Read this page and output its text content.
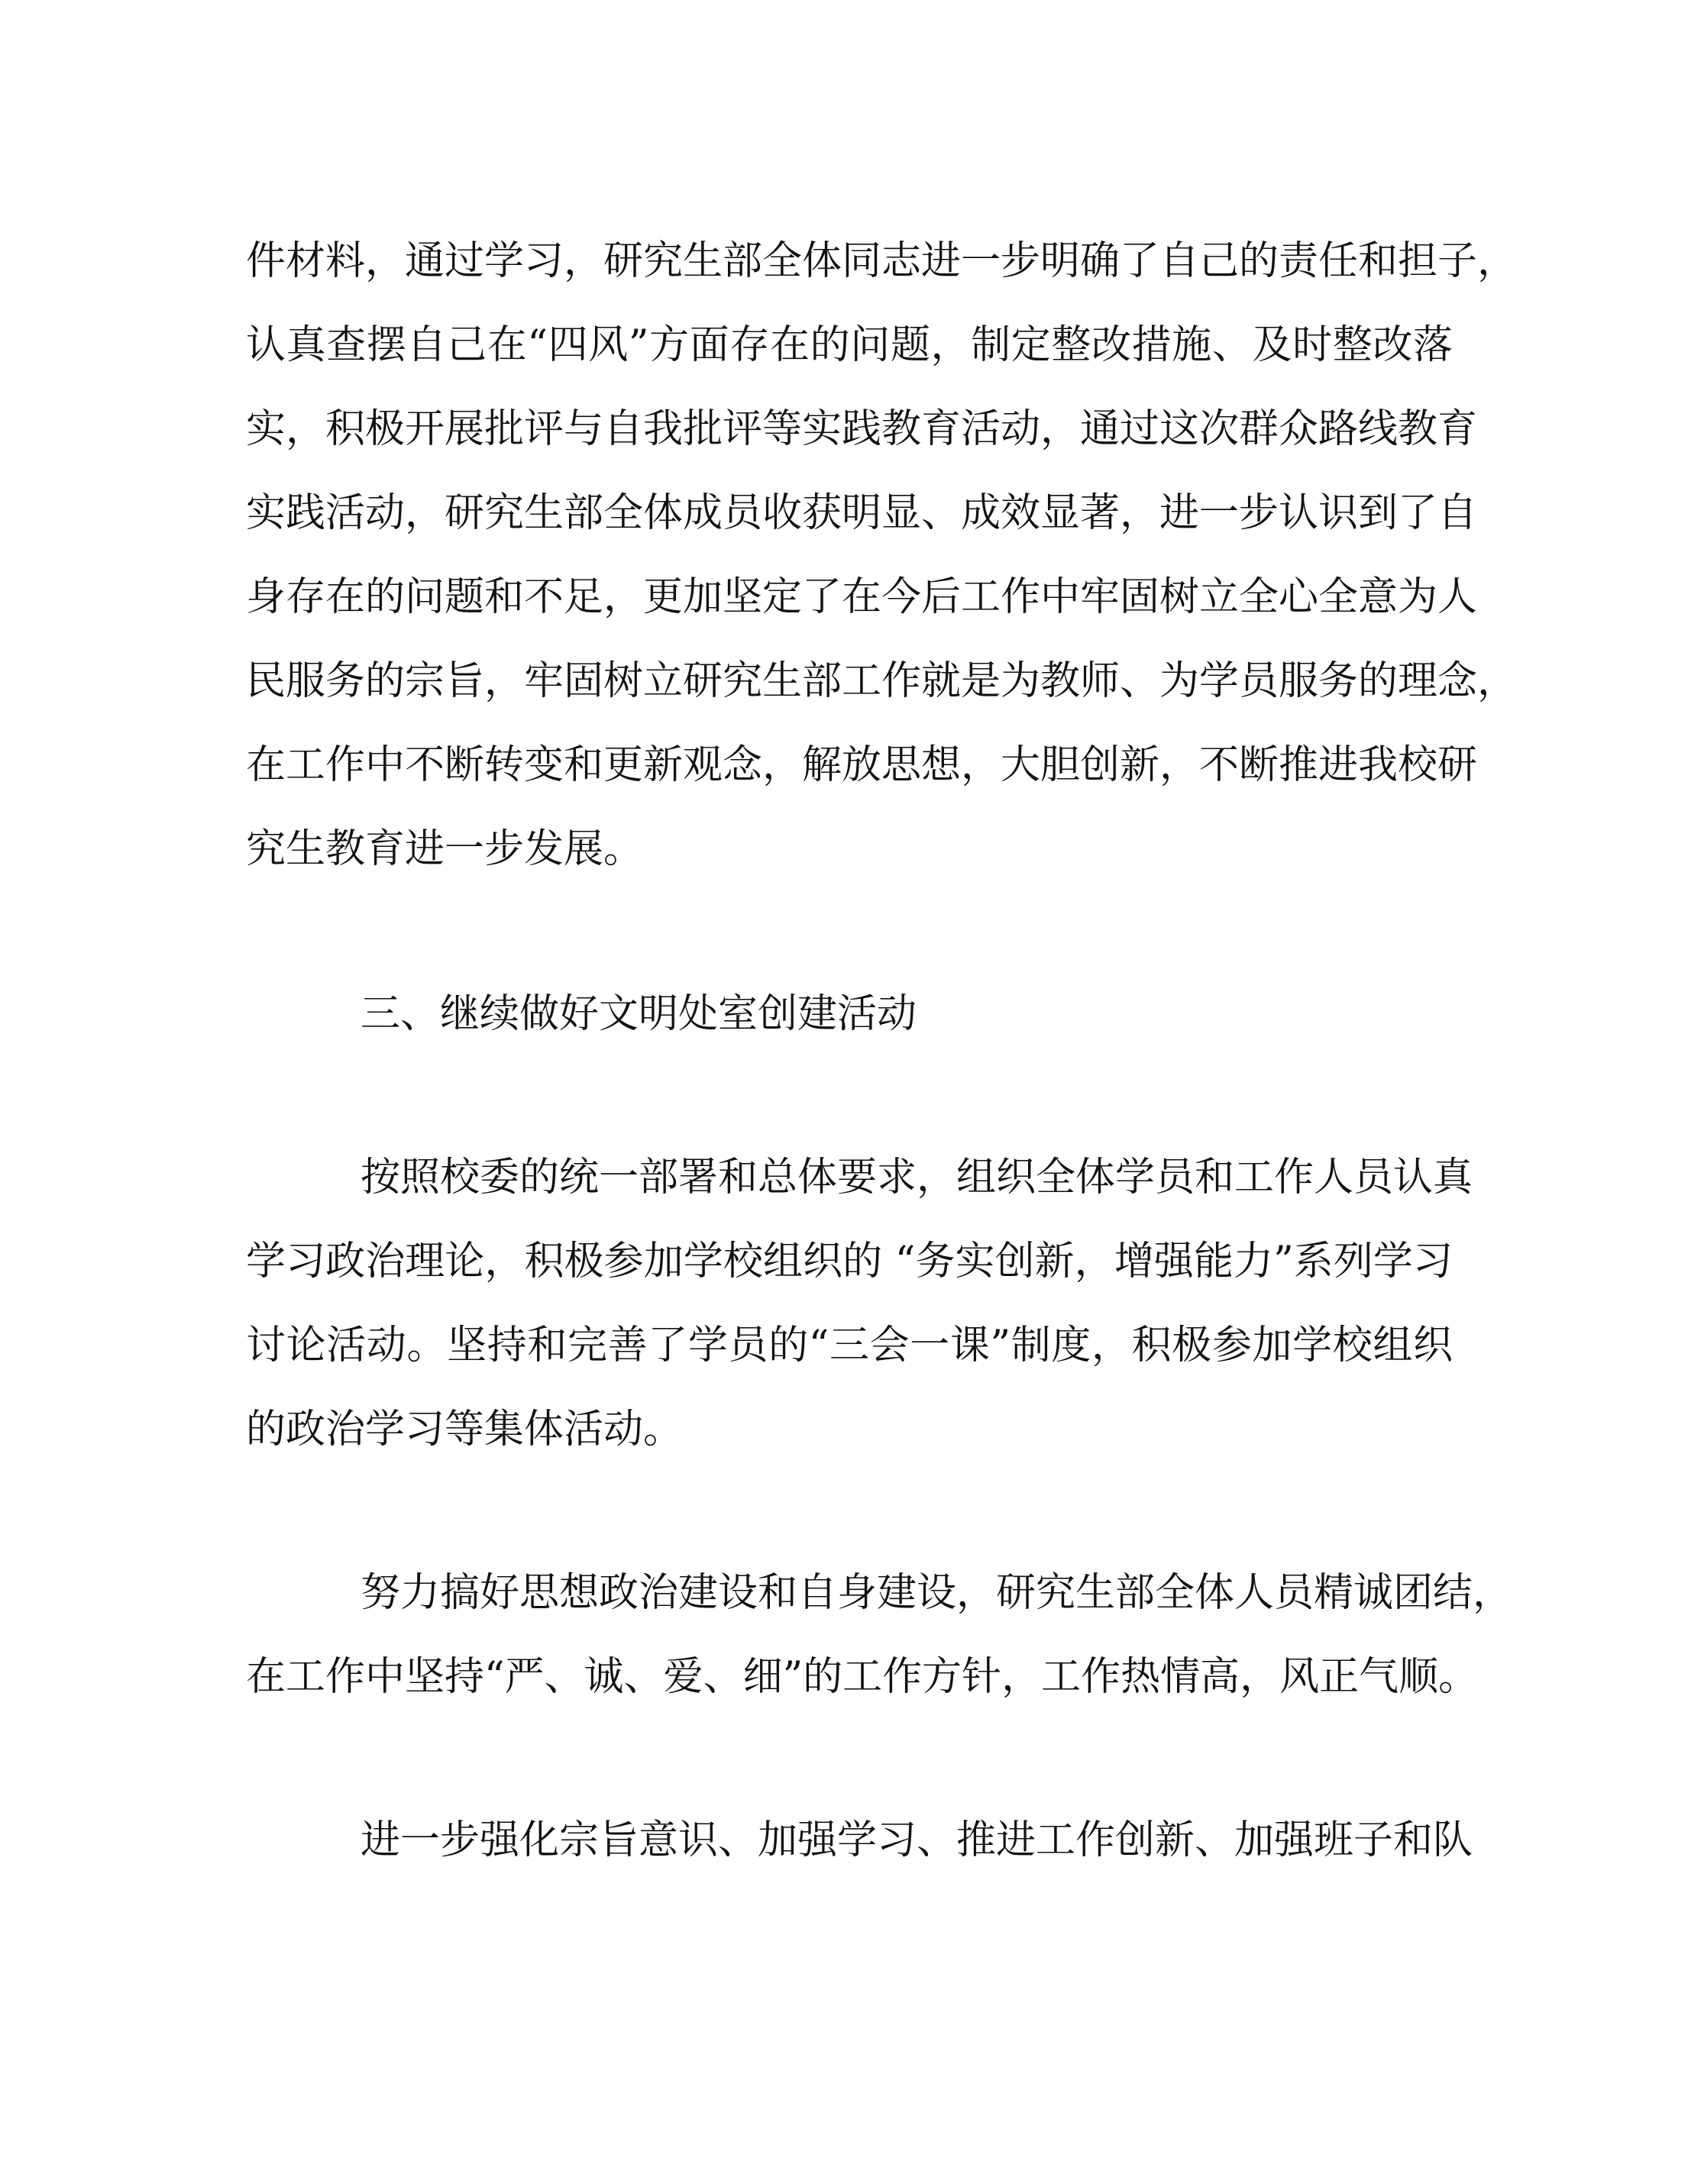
件材料，通过学习，研究生部全体同志进一步明确了自己的责任和担子，
认真查摆自己在“四风”方面存在的问题，制定整改措施、及时整改落
实，积极开展批评与自我批评等实践教育活动，通过这次群众路线教育
实践活动，研究生部全体成员收获明显、成效显著，进一步认识到了自
身存在的问题和不足，更加坚定了在今后工作中牢固树立全心全意为人
民服务的宗旨，牢固树立研究生部工作就是为教师、为学员服务的理念，
在工作中不断转变和更新观念，解放思想，大胆创新，不断推进我校研
究生教育进一步发展。
三、继续做好文明处室创建活动
按照校委的统一部署和总体要求，组织全体学员和工作人员认真
学习政治理论，积极参加学校组织的 “务实创新，增强能力”系列学习
讨论活动。坚持和完善了学员的“三会一课”制度，积极参加学校组织
的政治学习等集体活动。
努力搞好思想政治建设和自身建设，研究生部全体人员精诚团结，
在工作中坚持“严、诚、爱、细”的工作方针，工作热情高，风正气顺。
进一步强化宗旨意识、加强学习、推进工作创新、加强班子和队
